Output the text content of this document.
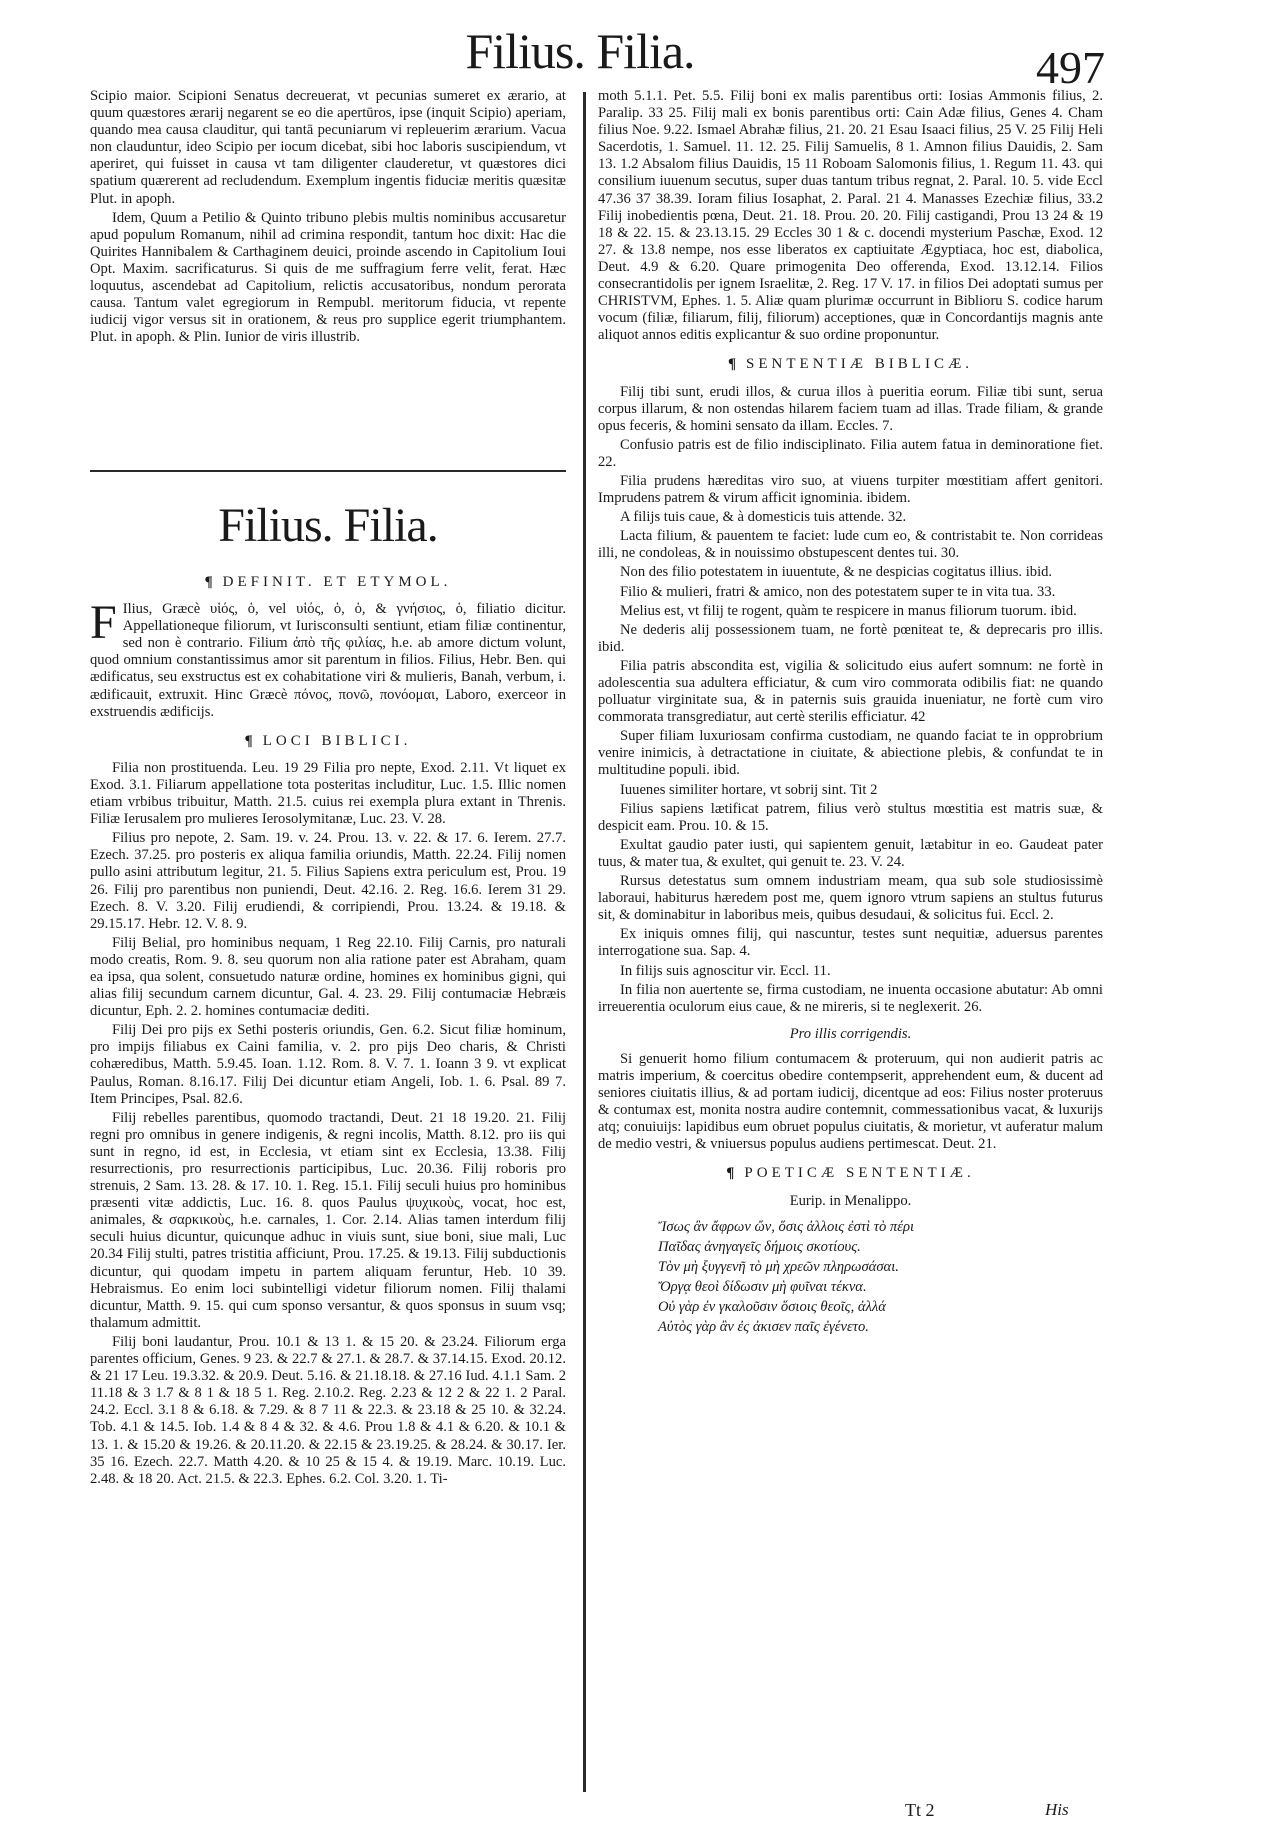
Filius. Filia.	497

Scipio maior. Scipioni Senatus decreuerat, vt pecunias sumeret ex ærario, at quum quæstores ærarij negarent se eo die apertūros, ipse (inquit Scipio) aperiam, quando mea causa clauditur, qui tantā pecuniarum vi repleuerim ærarium. Vacua non clauduntur, ideo Scipio per iocum dicebat, sibi hoc laboris suscipiendum, vt aperiret, qui fuisset in causa vt tam diligenter clauderetur, vt quæstores dici spatium quærerent ad recludendum. Exemplum ingentis fiduciæ meritis quæsitæ Plut. in apoph.

Idem, Quum a Petilio & Quinto tribuno plebis multis nominibus accusaretur apud populum Romanum, nihil ad crimina respondit, tantum hoc dixit: Hac die Quirites Hannibalem & Carthaginem deuici, proinde ascendo in Capitolium Ioui Opt. Maxim. sacrificaturus. Si quis de me suffragium ferre velit, ferat. Hæc loquutus, ascendebat ad Capitolium, relictis accusatoribus, nondum perorata causa. Tantum valet egregiorum in Rempubl. meritorum fiducia, vt repente iudicij vigor versus sit in orationem, & reus pro supplice egerit triumphantem. Plut. in apoph. & Plin. Iunior de viris illustrib.

Filius. Filia.
¶ DEFINIT. ET ETYMOL.

F Ilius, Græcè υἱός, ὁ, vel υἱός, ὁ, ὁ, & γνήσιος, ὁ, filiatio dicitur. Appellationeque filiorum, vt Iurisconsulti sentiunt, etiam filiæ continentur, sed non è contrario. Filium ἀπὸ τῆς φιλίας, h.e. ab amore dictum volunt, quod omnium constantissimus amor sit parentum in filios. Filius, Hebr. Ben. qui ædificatus, seu exstructus est ex cohabitatione viri & mulieris, Banah, verbum, i. ædificauit, extruxit. Hinc Græcè πόνος, πονῶ, πονόομαι, Laboro, exerceor in exstruendis ædificijs.

¶ LOCI BIBLICI.

Filia non prostituenda. Leu. 19 29 Filia pro nepte, Exod. 2.11. Vt liquet ex Exod. 3.1. Filiarum appellatione tota posteritas includitur, Luc. 1.5. Illic nomen etiam vrbibus tribuitur, Matth. 21.5. cuius rei exempla plura extant in Threnis. Filiæ Ierusalem pro mulieres Ierosolymitanæ, Luc. 23. V. 28.

Filius pro nepote, 2. Sam. 19. v. 24. Prou. 13. v. 22. & 17. 6. Ierem. 27.7. Ezech. 37.25. pro posteris ex aliqua familia oriundis, Matth. 22.24. Filij nomen pullo asini attributum legitur, 21. 5. Filius Sapiens extra periculum est, Prou. 19 26. Filij pro parentibus non puniendi, Deut. 42.16. 2. Reg. 16.6. Ierem 31 29. Ezech. 8. V. 3.20. Filij erudiendi, & corripiendi, Prou. 13.24. & 19.18. & 29.15.17. Hebr. 12. V. 8. 9.

Filij Belial, pro hominibus nequam, 1 Reg 22.10. Filij Carnis, pro naturali modo creatis, Rom. 9. 8. seu quorum non alia ratione pater est Abraham, quam ea ipsa, qua solent, consuetudo naturæ ordine, homines ex hominibus gigni, qui alias filij secundum carnem dicuntur, Gal. 4. 23. 29. Filij contumaciæ Hebræis dicuntur, Eph. 2. 2. homines contumaciæ dediti.

Filij Dei pro pijs ex Sethi posteris oriundis, Gen. 6.2. Sicut filiæ hominum, pro impijs filiabus ex Caini familia, v. 2. pro pijs Deo charis, & Christi cohæredibus, Matth. 5.9.45. Ioan. 1.12. Rom. 8. V. 7. 1. Ioann 3 9. vt explicat Paulus, Roman. 8.16.17. Filij Dei dicuntur etiam Angeli, Iob. 1. 6. Psal. 89 7. Item Principes, Psal. 82.6.

Filij rebelles parentibus, quomodo tractandi, Deut. 21 18 19.20. 21. Filij regni pro omnibus in genere indigenis, & regni incolis, Matth. 8.12. pro iis qui sunt in regno, id est, in Ecclesia, vt etiam sint ex Ecclesia, 13.38. Filij resurrectionis, pro resurrectionis participibus, Luc. 20.36. Filij roboris pro strenuis, 2 Sam. 13. 28. & 17. 10. 1. Reg. 15.1. Filij seculi huius pro hominibus præsenti vitæ addictis, Luc. 16. 8. quos Paulus ψυχικοὺς, vocat, hoc est, animales, & σαρκικοὺς, h.e. carnales, 1. Cor. 2.14. Alias tamen interdum filij seculi huius dicuntur, quicunque adhuc in viuis sunt, siue boni, siue mali, Luc 20.34 Filij stulti, patres tristitia afficiunt, Prou. 17.25. & 19.13. Filij subductionis dicuntur, qui quodam impetu in partem aliquam feruntur, Heb. 10 39. Hebraismus. Eo enim loci subintelligi videtur filiorum nomen. Filij thalami dicuntur, Matth. 9. 15. qui cum sponso versantur, & quos sponsus in suum vsq; thalamum admittit.

Filij boni laudantur, Prou. 10.1 & 13 1. & 15 20. & 23.24. Filiorum erga parentes officium, Genes. 9 23. & 22.7 & 27.1. & 28.7. & 37.14.15. Exod. 20.12. & 21 17 Leu. 19.3.32. & 20.9. Deut. 5.16. & 21.18.18. & 27.16 Iud. 4.1.1 Sam. 2 11.18 & 3 1.7 & 8 1 & 18 5 1. Reg. 2.10.2. Reg. 2.23 & 12 2 & 22 1. 2 Paral. 24.2. Eccl. 3.1 8 & 6.18. & 7.29. & 8 7 11 & 22.3. & 23.18 & 25 10. & 32.24. Tob. 4.1 & 14.5. Iob. 1.4 & 8 4 & 32. & 4.6. Prou 1.8 & 4.1 & 6.20. & 10.1 & 13. 1. & 15.20 & 19.26. & 20.11.20. & 22.15 & 23.19.25. & 28.24. & 30.17. Ier. 35 16. Ezech. 22.7. Matth 4.20. & 10 25 & 15 4. & 19.19. Marc. 10.19. Luc. 2.48. & 18 20. Act. 21.5. & 22.3. Ephes. 6.2. Col. 3.20. 1. Ti-

moth 5.1.1. Pet. 5.5. Filij boni ex malis parentibus orti: Iosias Ammonis filius, 2. Paralip. 33 25. Filij mali ex bonis parentibus orti: Cain Adæ filius, Genes 4. Cham filius Noe. 9.22. Ismael Abrahæ filius, 21. 20. 21 Esau Isaaci filius, 25 V. 25 Filij Heli Sacerdotis, 1. Samuel. 11. 12. 25. Filij Samuelis, 8 1. Amnon filius Dauidis, 2. Sam 13. 1.2 Absalom filius Dauidis, 15 11 Roboam Salomonis filius, 1. Regum 11. 43. qui consilium iuuenum secutus, super duas tantum tribus regnat, 2. Paral. 10. 5. vide Eccl 47.36 37 38.39. Ioram filius Iosaphat, 2. Paral. 21 4. Manasses Ezechiæ filius, 33.2 Filij inobedientis pœna, Deut. 21. 18. Prou. 20. 20. Filij castigandi, Prou 13 24 & 19 18 & 22. 15. & 23.13.15. 29 Eccles 30 1 & c. docendi mysterium Paschæ, Exod. 12 27. & 13.8 nempe, nos esse liberatos ex captiuitate Ægyptiaca, hoc est, diabolica, Deut. 4.9 & 6.20. Quare primogenita Deo offerenda, Exod. 13.12.14. Filios consecrantidolis per ignem Israelitæ, 2. Reg. 17 V. 17. in filios Dei adoptati sumus per CHRISTVM, Ephes. 1. 5. Aliæ quam plurimæ occurrunt in Biblioru S. codice harum vocum (filiæ, filiarum, filij, filiorum) acceptiones, quæ in Concordantijs magnis ante aliquot annos editis explicantur & suo ordine proponuntur.

¶ SENTENTIÆ BIBLICÆ.

Filij tibi sunt, erudi illos, & curua illos à pueritia eorum. Filiæ tibi sunt, serua corpus illarum, & non ostendas hilarem faciem tuam ad illas. Trade filiam, & grande opus feceris, & homini sensato da illam. Eccles. 7.

Confusio patris est de filio indisciplinato. Filia autem fatua in deminoratione fiet. 22.

Filia prudens hæreditas viro suo, at viuens turpiter mœstitiam affert genitori. Imprudens patrem & virum afficit ignominia. ibidem.

A filijs tuis caue, & à domesticis tuis attende. 32.

Lacta filium, & pauentem te faciet: lude cum eo, & contristabit te. Non corrideas illi, ne condoleas, & in nouissimo obstupescent dentes tui. 30.

Non des filio potestatem in iuuentute, & ne despicias cogitatus illius. ibid.

Filio & mulieri, fratri & amico, non des potestatem super te in vita tua. 33.

Melius est, vt filij te rogent, quàm te respicere in manus filiorum tuorum. ibid.

Ne dederis alij possessionem tuam, ne fortè pœniteat te, & deprecaris pro illis. ibid.

Filia patris abscondita est, vigilia & solicitudo eius aufert somnum: ne fortè in adolescentia sua adultera efficiatur, & cum viro commorata odibilis fiat: ne quando polluatur virginitate sua, & in paternis suis grauida inueniatur, ne fortè cum viro commorata transgrediatur, aut certè sterilis efficiatur. 42

Super filiam luxuriosam confirma custodiam, ne quando faciat te in opprobrium venire inimicis, à detractatione in ciuitate, & abiectione plebis, & confundat te in multitudine populi. ibid.

Iuuenes similiter hortare, vt sobrij sint. Tit 2

Filius sapiens lætificat patrem, filius verò stultus mœstitia est matris suæ, & despicit eam. Prou. 10. & 15.

Exultat gaudio pater iusti, qui sapientem genuit, lætabitur in eo. Gaudeat pater tuus, & mater tua, & exultet, qui genuit te. 23. V. 24.

Rursus detestatus sum omnem industriam meam, qua sub sole studiosissimè laboraui, habiturus hæredem post me, quem ignoro vtrum sapiens an stultus futurus sit, & dominabitur in laboribus meis, quibus desudaui, & solicitus fui. Eccl. 2.

Ex iniquis omnes filij, qui nascuntur, testes sunt nequitiæ, aduersus parentes interrogatione sua. Sap. 4.

In filijs suis agnoscitur vir. Eccl. 11.

In filia non auertente se, firma custodiam, ne inuenta occasione abutatur: Ab omni irreuerentia oculorum eius caue, & ne mireris, si te neglexerit. 26.

Pro illis corrigendis.

Si genuerit homo filium contumacem & proteruum, qui non audierit patris ac matris imperium, & coercitus obedire contempserit, apprehendent eum, & ducent ad seniores ciuitatis illius, & ad portam iudicij, dicentque ad eos: Filius noster proteruus & contumax est, monita nostra audire contemnit, commessationibus vacat, & luxurijs atq; conuiuijs: lapidibus eum obruet populus ciuitatis, & morietur, vt auferatur malum de medio vestri, & vniuersus populus audiens pertimescat. Deut. 21.

¶ POETICÆ SENTENTIÆ.

Eurip. in Menalippo.

Ἴσως ἂν ἄφρων ὤν, ὅσις ἀλλοις ἐστὶ τὸ πέρι

Παῖδας ἀνηγαγεῖς δήμοις σκοτίους.

Τὸν μὴ ξυγγενῆ τὸ μὴ χρεῶν πληρωσάσαι.

Ὄργᾳ θεοὶ δίδωσιν μὴ φυῖναι τέκνα.

Οὐ γὰρ ἐν γκαλοῦσιν ὅσιοις θεοῖς, ἀλλά

Αὐτὸς γὰρ ἂν ἐς ἀκισεν παῖς ἐγένετο.

Tt 2	His
